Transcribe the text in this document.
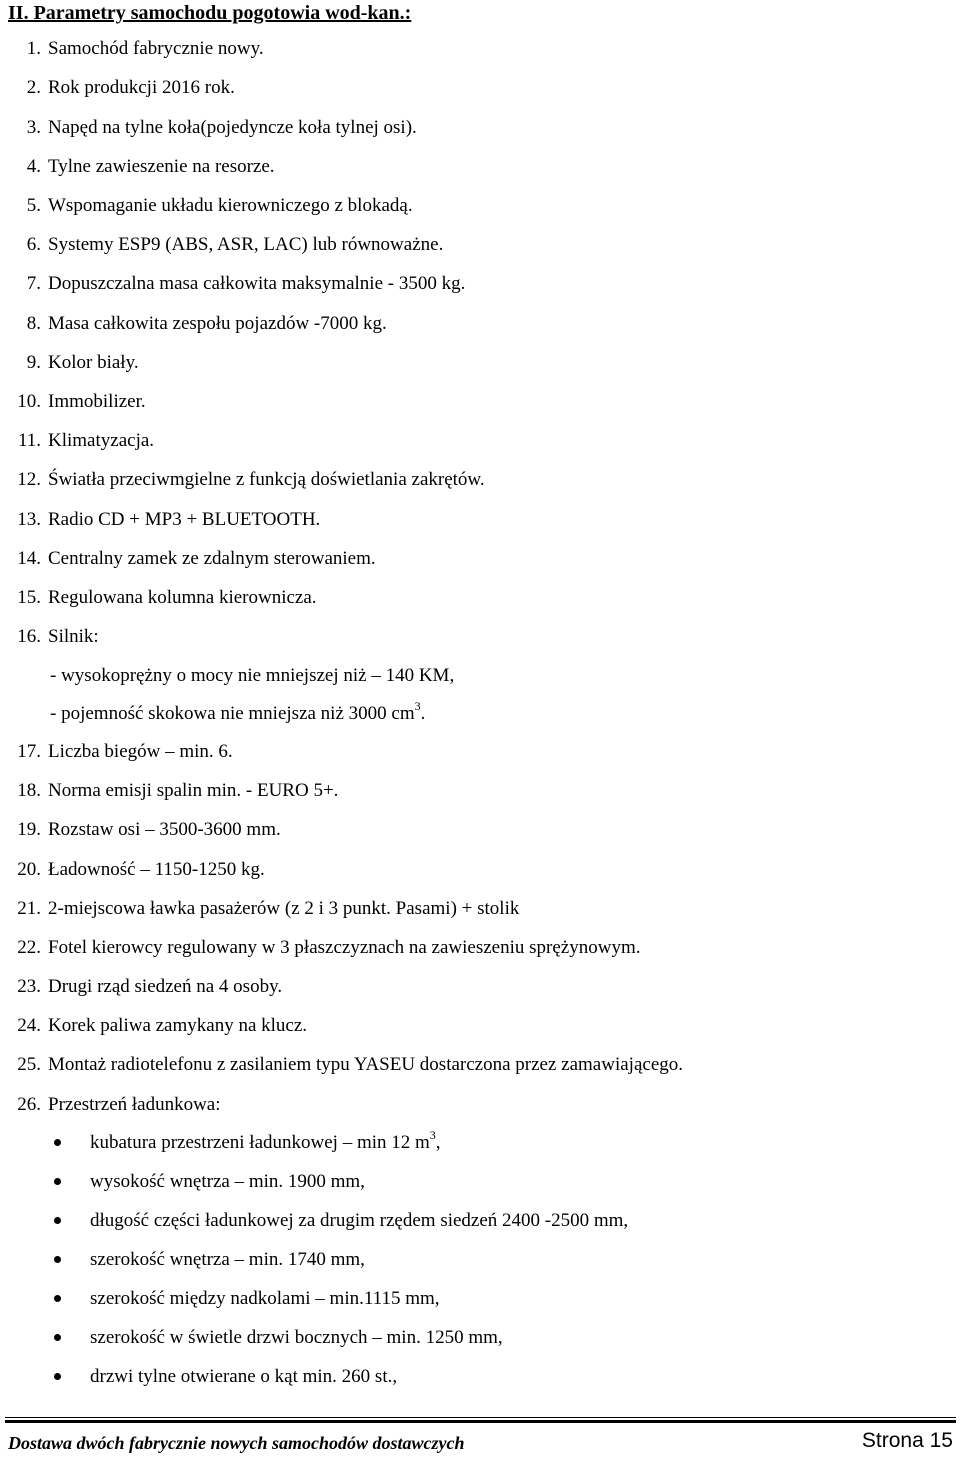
II. Parametry samochodu pogotowia wod-kan.:
1. Samochód fabrycznie nowy.
2. Rok produkcji 2016 rok.
3. Napęd na tylne koła(pojedyncze koła tylnej osi).
4. Tylne zawieszenie na resorze.
5. Wspomaganie układu kierowniczego z blokadą.
6. Systemy ESP9 (ABS, ASR, LAC) lub równoważne.
7. Dopuszczalna masa całkowita maksymalnie - 3500 kg.
8. Masa całkowita zespołu pojazdów -7000 kg.
9. Kolor biały.
10. Immobilizer.
11. Klimatyzacja.
12. Światła przeciwmgielne z funkcją doświetlania zakrętów.
13. Radio CD + MP3 + BLUETOOTH.
14. Centralny zamek ze zdalnym sterowaniem.
15. Regulowana kolumna kierownicza.
16. Silnik:
- wysokoprężny o mocy nie mniejszej niż – 140 KM,
- pojemność skokowa nie mniejsza niż 3000 $cm^3$.
17. Liczba biegów – min. 6.
18. Norma emisji spalin min. - EURO 5+.
19. Rozstaw osi – 3500-3600 mm.
20. Ładowność – 1150-1250 kg.
21. 2-miejscowa ławka pasażerów (z 2 i 3 punkt. Pasami) + stolik
22. Fotel kierowcy regulowany w 3 płaszczyznach na zawieszeniu sprężynowym.
23. Drugi rząd siedzeń na 4 osoby.
24. Korek paliwa zamykany na klucz.
25. Montaż radiotelefonu z zasilaniem typu YASEU dostarczona przez zamawiającego.
26. Przestrzeń ładunkowa:
kubatura przestrzeni ładunkowej – min 12 $m^3$,
wysokość wnętrza – min. 1900 mm,
długość części ładunkowej za drugim rzędem siedzeń 2400 -2500 mm,
szerokość wnętrza – min. 1740 mm,
szerokość między nadkolami – min.1115 mm,
szerokość w świetle drzwi bocznych – min. 1250 mm,
drzwi tylne otwierane o kąt min. 260 st.,
Dostawa dwóch fabrycznie nowych samochodów dostawczych	Strona 15
